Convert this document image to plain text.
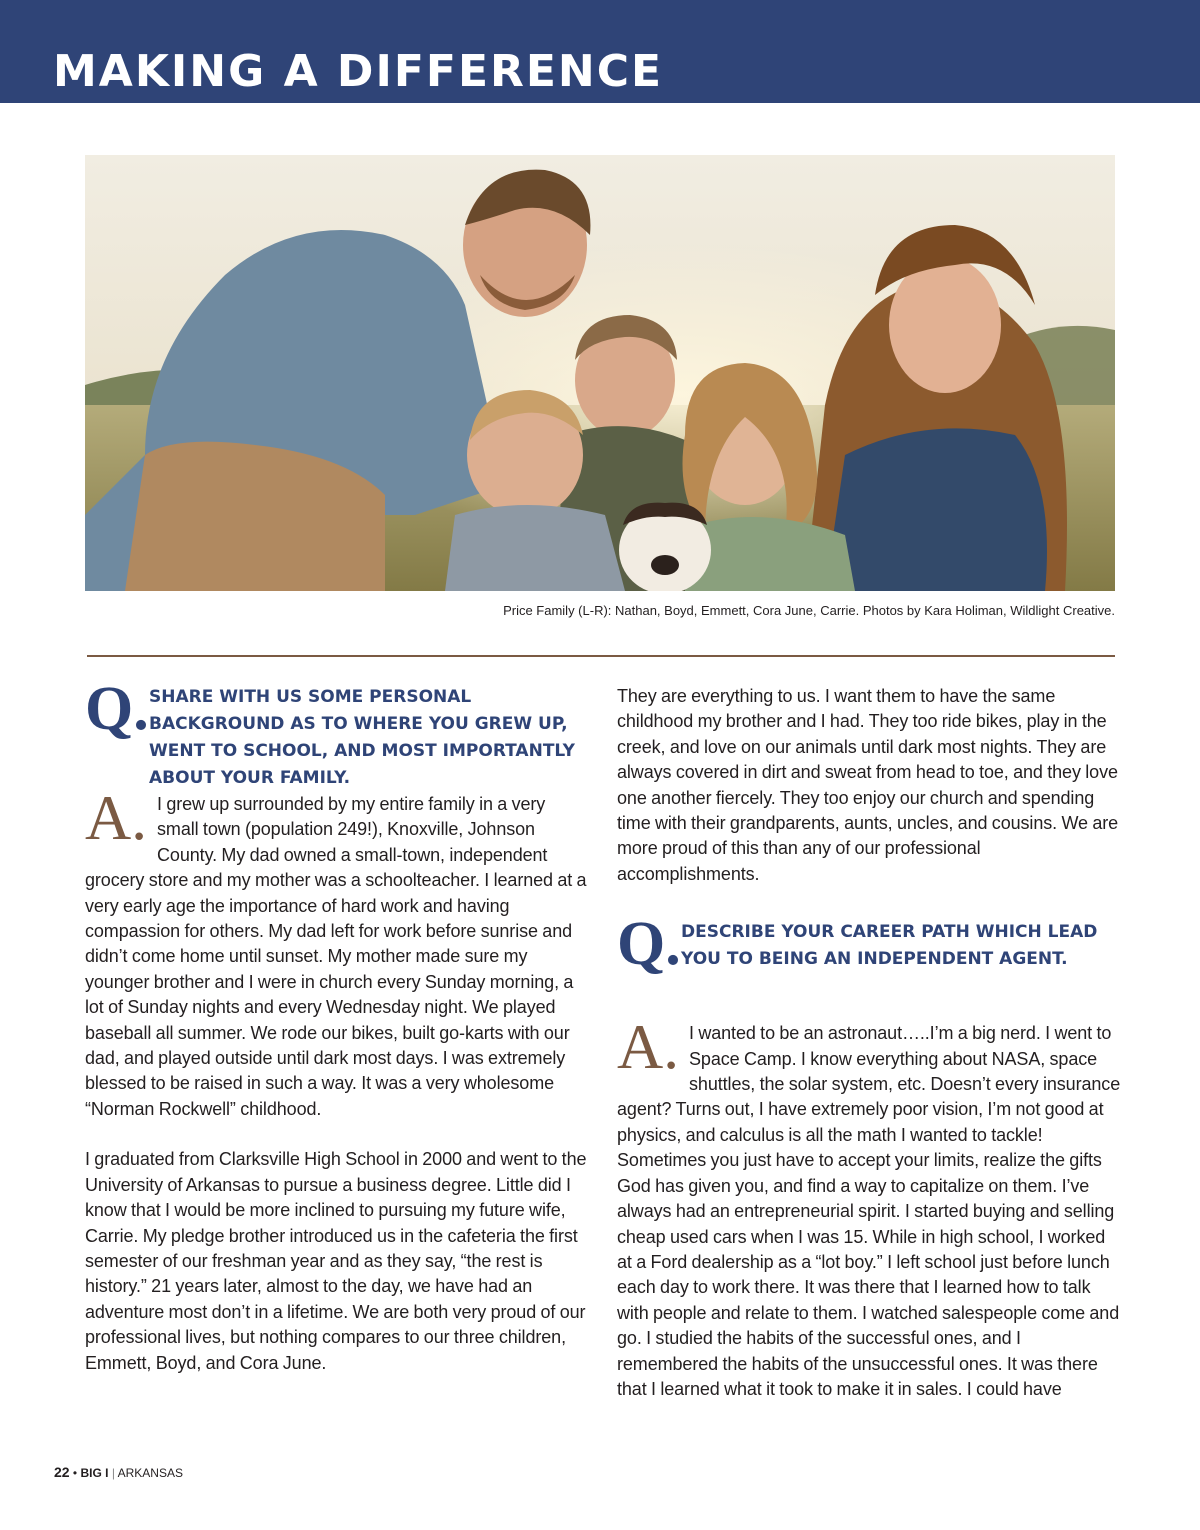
MAKING A DIFFERENCE

Price Family (L-R): Nathan, Boyd, Emmett, Cora June, Carrie. Photos by Kara Holiman, Wildlight Creative.

Q. SHARE WITH US SOME PERSONAL BACKGROUND AS TO WHERE YOU GREW UP, WENT TO SCHOOL, AND MOST IMPORTANTLY ABOUT YOUR FAMILY.

A. I grew up surrounded by my entire family in a very small town (population 249!), Knoxville, Johnson County. My dad owned a small-town, independent grocery store and my mother was a schoolteacher. I learned at a very early age the importance of hard work and having compassion for others. My dad left for work before sunrise and didn’t come home until sunset. My mother made sure my younger brother and I were in church every Sunday morning, a lot of Sunday nights and every Wednesday night. We played baseball all summer. We rode our bikes, built go-karts with our dad, and played outside until dark most days. I was extremely blessed to be raised in such a way. It was a very wholesome “Norman Rockwell” childhood.

I graduated from Clarksville High School in 2000 and went to the University of Arkansas to pursue a business degree. Little did I know that I would be more inclined to pursuing my future wife, Carrie. My pledge brother introduced us in the cafeteria the first semester of our freshman year and as they say, “the rest is history.” 21 years later, almost to the day, we have had an adventure most don’t in a lifetime. We are both very proud of our professional lives, but nothing compares to our three children, Emmett, Boyd, and Cora June.

They are everything to us. I want them to have the same childhood my brother and I had. They too ride bikes, play in the creek, and love on our animals until dark most nights. They are always covered in dirt and sweat from head to toe, and they love one another fiercely. They too enjoy our church and spending time with their grandparents, aunts, uncles, and cousins. We are more proud of this than any of our professional accomplishments.

Q. DESCRIBE YOUR CAREER PATH WHICH LEAD YOU TO BEING AN INDEPENDENT AGENT.

A. I wanted to be an astronaut…..I’m a big nerd. I went to Space Camp. I know everything about NASA, space shuttles, the solar system, etc. Doesn’t every insurance agent? Turns out, I have extremely poor vision, I’m not good at physics, and calculus is all the math I wanted to tackle! Sometimes you just have to accept your limits, realize the gifts God has given you, and find a way to capitalize on them. I’ve always had an entrepreneurial spirit. I started buying and selling cheap used cars when I was 15. While in high school, I worked at a Ford dealership as a “lot boy.” I left school just before lunch each day to work there. It was there that I learned how to talk with people and relate to them. I watched salespeople come and go. I studied the habits of the successful ones, and I remembered the habits of the unsuccessful ones. It was there that I learned what it took to make it in sales. I could have

22 • BIG I | ARKANSAS
